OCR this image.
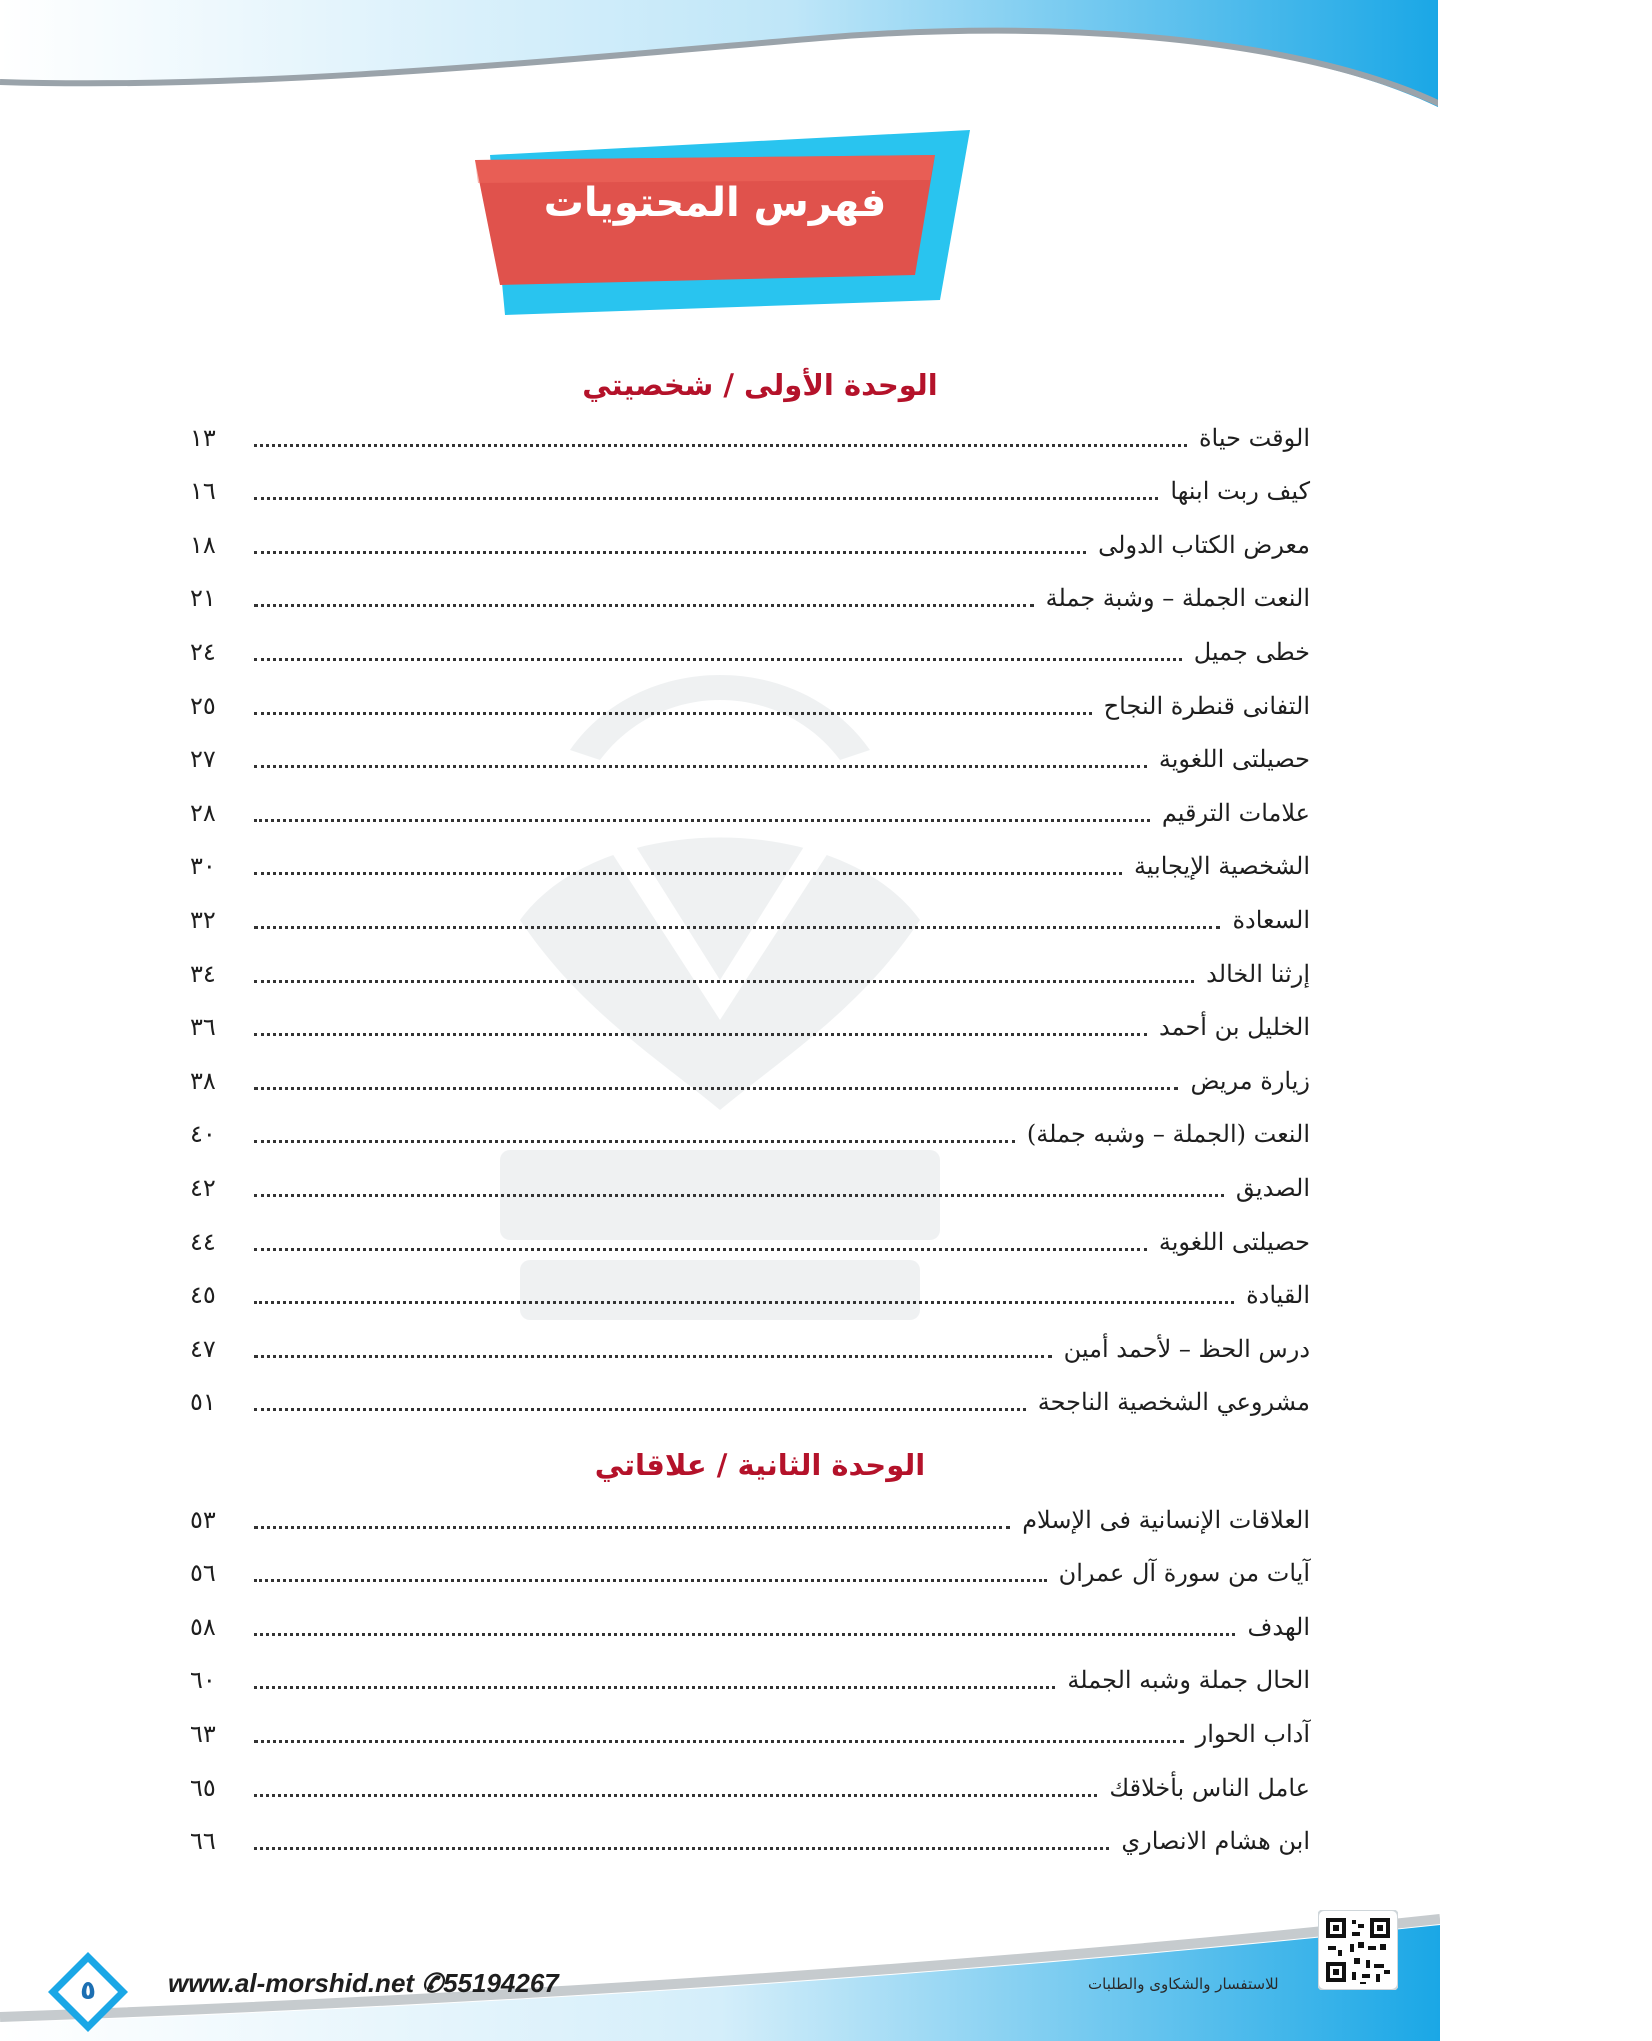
فهرس المحتويات
الوحدة الأولى / شخصيتي
الوقت حياة
١٣
كيف ربت ابنها
١٦
معرض الكتاب الدولى
١٨
النعت الجملة – وشبة جملة
٢١
خطى جميل
٢٤
التفانى قنطرة النجاح
٢٥
حصيلتى اللغوية
٢٧
علامات الترقيم
٢٨
الشخصية الإيجابية
٣٠
السعادة
٣٢
إرثنا الخالد
٣٤
الخليل بن أحمد
٣٦
زيارة مريض
٣٨
النعت (الجملة – وشبه جملة)
٤٠
الصديق
٤٢
حصيلتى اللغوية
٤٤
القيادة
٤٥
درس الحظ – لأحمد أمين
٤٧
مشروعي الشخصية الناجحة
٥١
الوحدة الثانية / علاقاتي
العلاقات الإنسانية فى الإسلام
٥٣
آيات من سورة آل عمران
٥٦
الهدف
٥٨
الحال جملة وشبه الجملة
٦٠
آداب الحوار
٦٣
عامل الناس بأخلاقك
٦٥
ابن هشام الانصاري
٦٦
٥	www.al-morshid.net ✆55194267	للاستفسار والشكاوى والطلبات
